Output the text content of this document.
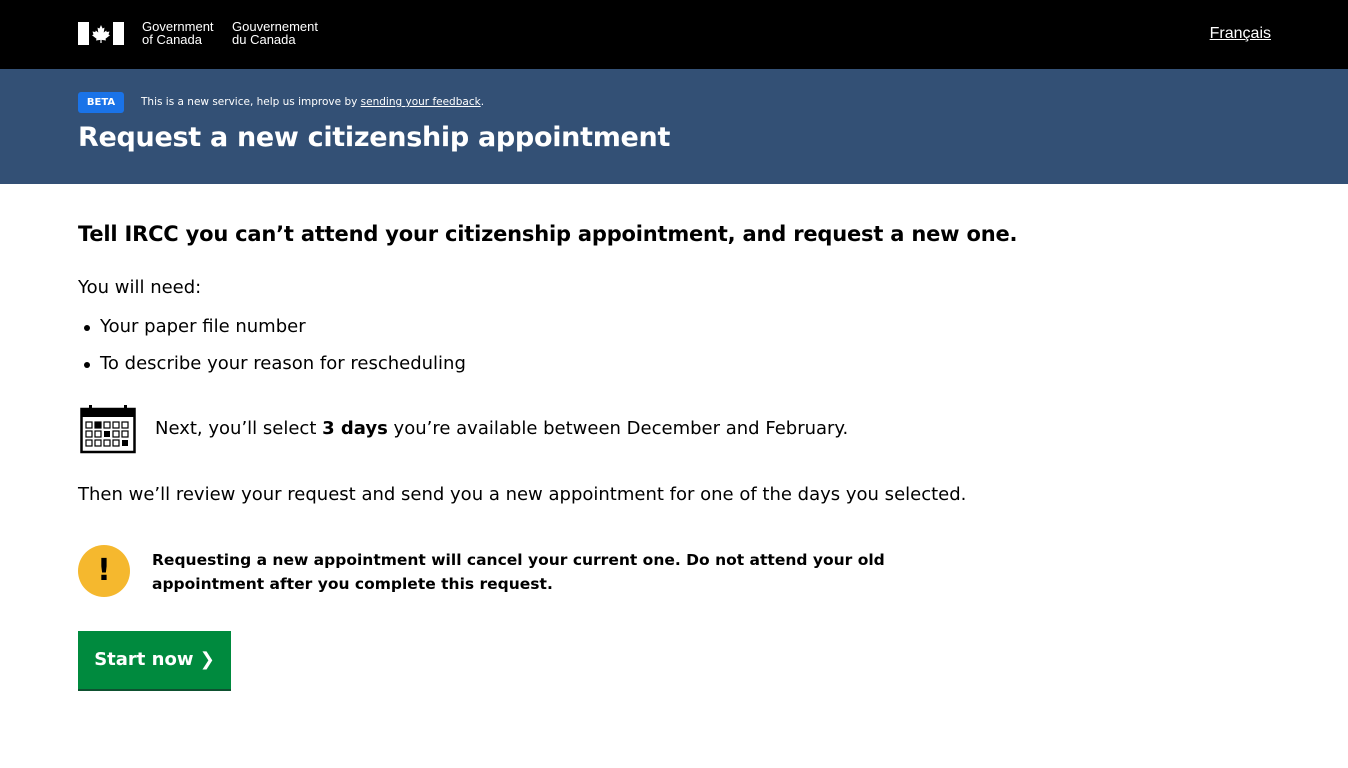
Government
of Canada
Gouvernement
du Canada	Français
BETA	This is a new service, help us improve by sending your feedback.
Request a new citizenship appointment
Tell IRCC you can’t attend your citizenship appointment, and request a new one.

You will need:

Your paper file number
To describe your reason for rescheduling

Next, you’ll select 3 days you’re available between December and February.

Then we’ll review your request and send you a new appointment for one of the days you selected.

!	Requesting a new appointment will cancel your current one. Do not attend your old appointment after you complete this request.

Start now ❯
